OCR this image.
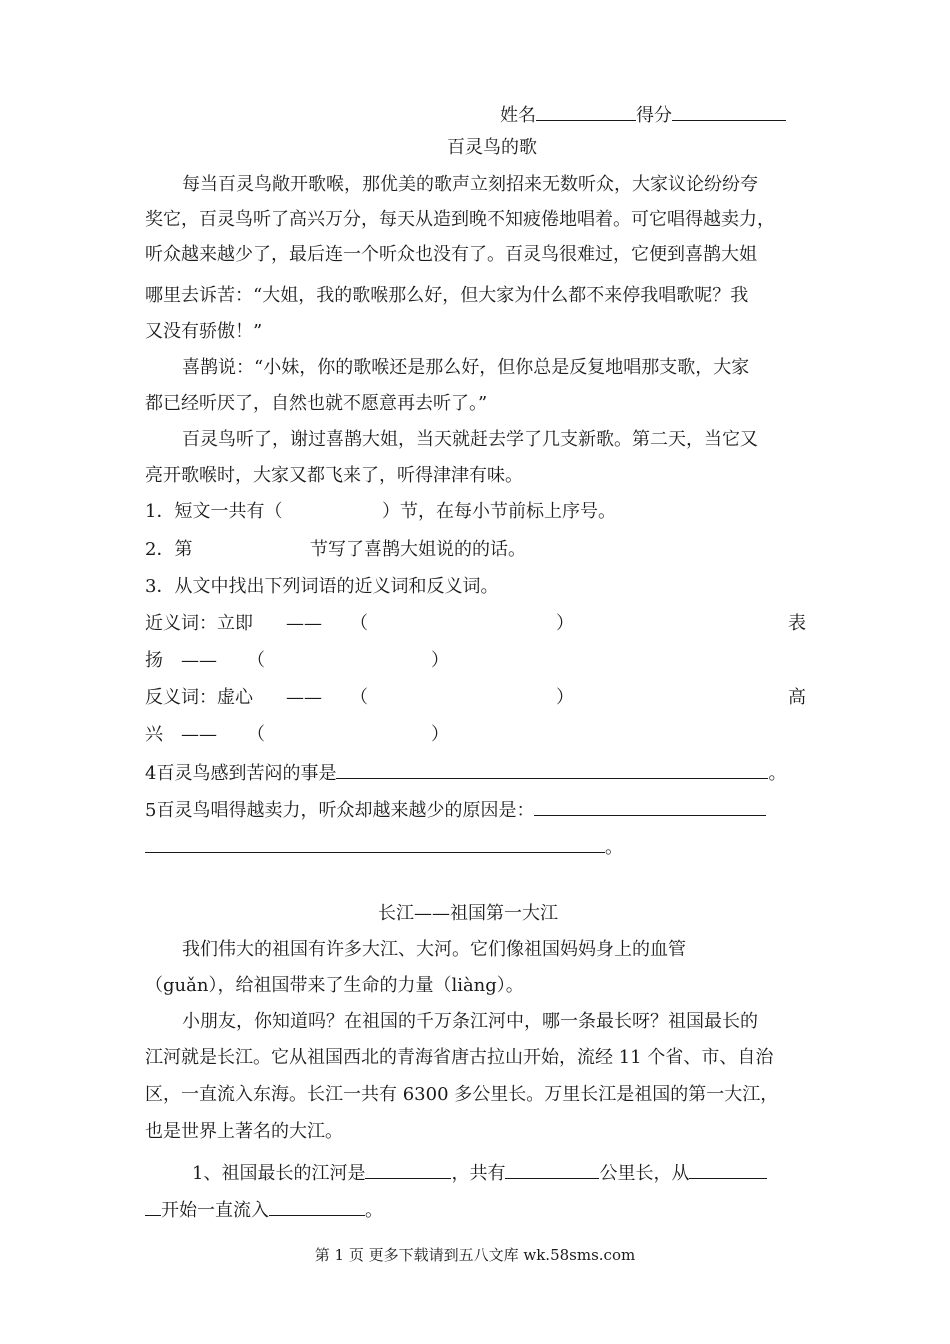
姓名	得分
百灵鸟的歌
每当百灵鸟敞开歌喉，那优美的歌声立刻招来无数听众，大家议论纷纷夸
奖它，百灵鸟听了高兴万分，每天从造到晚不知疲倦地唱着。可它唱得越卖力，
听众越来越少了，最后连一个听众也没有了。百灵鸟很难过，它便到喜鹊大姐
哪里去诉苦：“大姐，我的歌喉那么好，但大家为什么都不来停我唱歌呢？我
又没有骄傲！”
喜鹊说：“小妹，你的歌喉还是那么好，但你总是反复地唱那支歌，大家
都已经听厌了，自然也就不愿意再去听了。”
百灵鸟听了，谢过喜鹊大姐，当天就赶去学了几支新歌。第二天，当它又
亮开歌喉时，大家又都飞来了，听得津津有味。
1．短文一共有（	）节，在每小节前标上序号。
2．第	节写了喜鹊大姐说的的话。
3．从文中找出下列词语的近义词和反义词。
近义词：立即 —— （	）	表
扬 —— （	）
反义词：虚心 —— （	）	高
兴 —— （	）
4百灵鸟感到苦闷的事是	。
5百灵鸟唱得越卖力，听众却越来越少的原因是：
。
长江——祖国第一大江
我们伟大的祖国有许多大江、大河。它们像祖国妈妈身上的血管
（guǎn），给祖国带来了生命的力量（liàng）。
小朋友，你知道吗？在祖国的千万条江河中，哪一条最长呀？祖国最长的
江河就是长江。它从祖国西北的青海省唐古拉山开始，流经 11 个省、市、自治
区，一直流入东海。长江一共有 6300 多公里长。万里长江是祖国的第一大江，
也是世界上著名的大江。
1、祖国最长的江河是	，共有	公里长，从
开始一直流入	。
第 1 页 更多下载请到五八文库 wk.58sms.com
